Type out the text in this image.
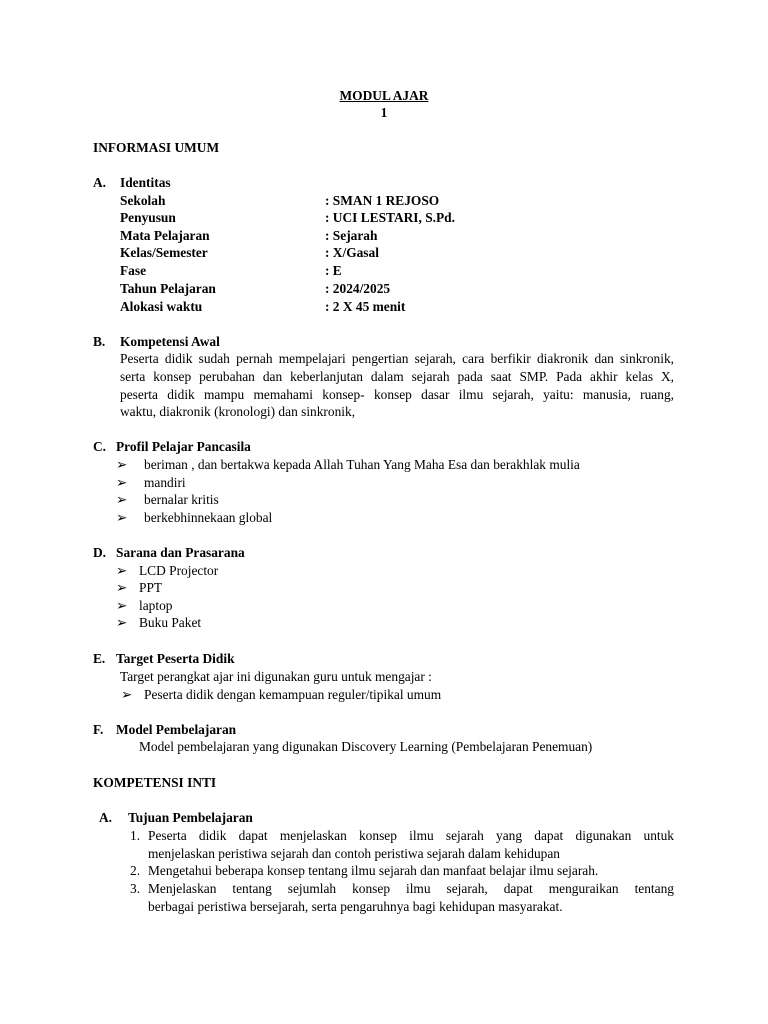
MODUL AJAR
1
INFORMASI UMUM
A. Identitas
Sekolah	: SMAN 1 REJOSO
Penyusun	: UCI LESTARI, S.Pd.
Mata Pelajaran	: Sejarah
Kelas/Semester	: X/Gasal
Fase	: E
Tahun Pelajaran	: 2024/2025
Alokasi waktu	: 2 X 45 menit
B. Kompetensi Awal
Peserta didik sudah pernah mempelajari pengertian sejarah, cara berfikir diakronik dan sinkronik,
serta konsep perubahan dan keberlanjutan dalam sejarah pada saat SMP. Pada akhir kelas X,
peserta didik mampu memahami konsep- konsep dasar ilmu sejarah, yaitu: manusia, ruang,
waktu, diakronik (kronologi) dan sinkronik,
C. Profil Pelajar Pancasila
➢ beriman , dan bertakwa kepada Allah Tuhan Yang Maha Esa dan berakhlak mulia
➢ mandiri
➢ bernalar kritis
➢ berkebhinnekaan global
D. Sarana dan Prasarana
➢ LCD Projector
➢ PPT
➢ laptop
➢ Buku Paket
E. Target Peserta Didik
Target perangkat ajar ini digunakan guru untuk mengajar :
➢ Peserta didik dengan kemampuan reguler/tipikal umum
F. Model Pembelajaran
Model pembelajaran yang digunakan Discovery Learning (Pembelajaran Penemuan)
KOMPETENSI INTI
A. Tujuan Pembelajaran
1. Peserta didik dapat menjelaskan konsep ilmu sejarah yang dapat digunakan untuk
menjelaskan peristiwa sejarah dan contoh peristiwa sejarah dalam kehidupan
2. Mengetahui beberapa konsep tentang ilmu sejarah dan manfaat belajar ilmu sejarah.
3. Menjelaskan tentang sejumlah konsep ilmu sejarah, dapat menguraikan tentang
berbagai peristiwa bersejarah, serta pengaruhnya bagi kehidupan masyarakat.
